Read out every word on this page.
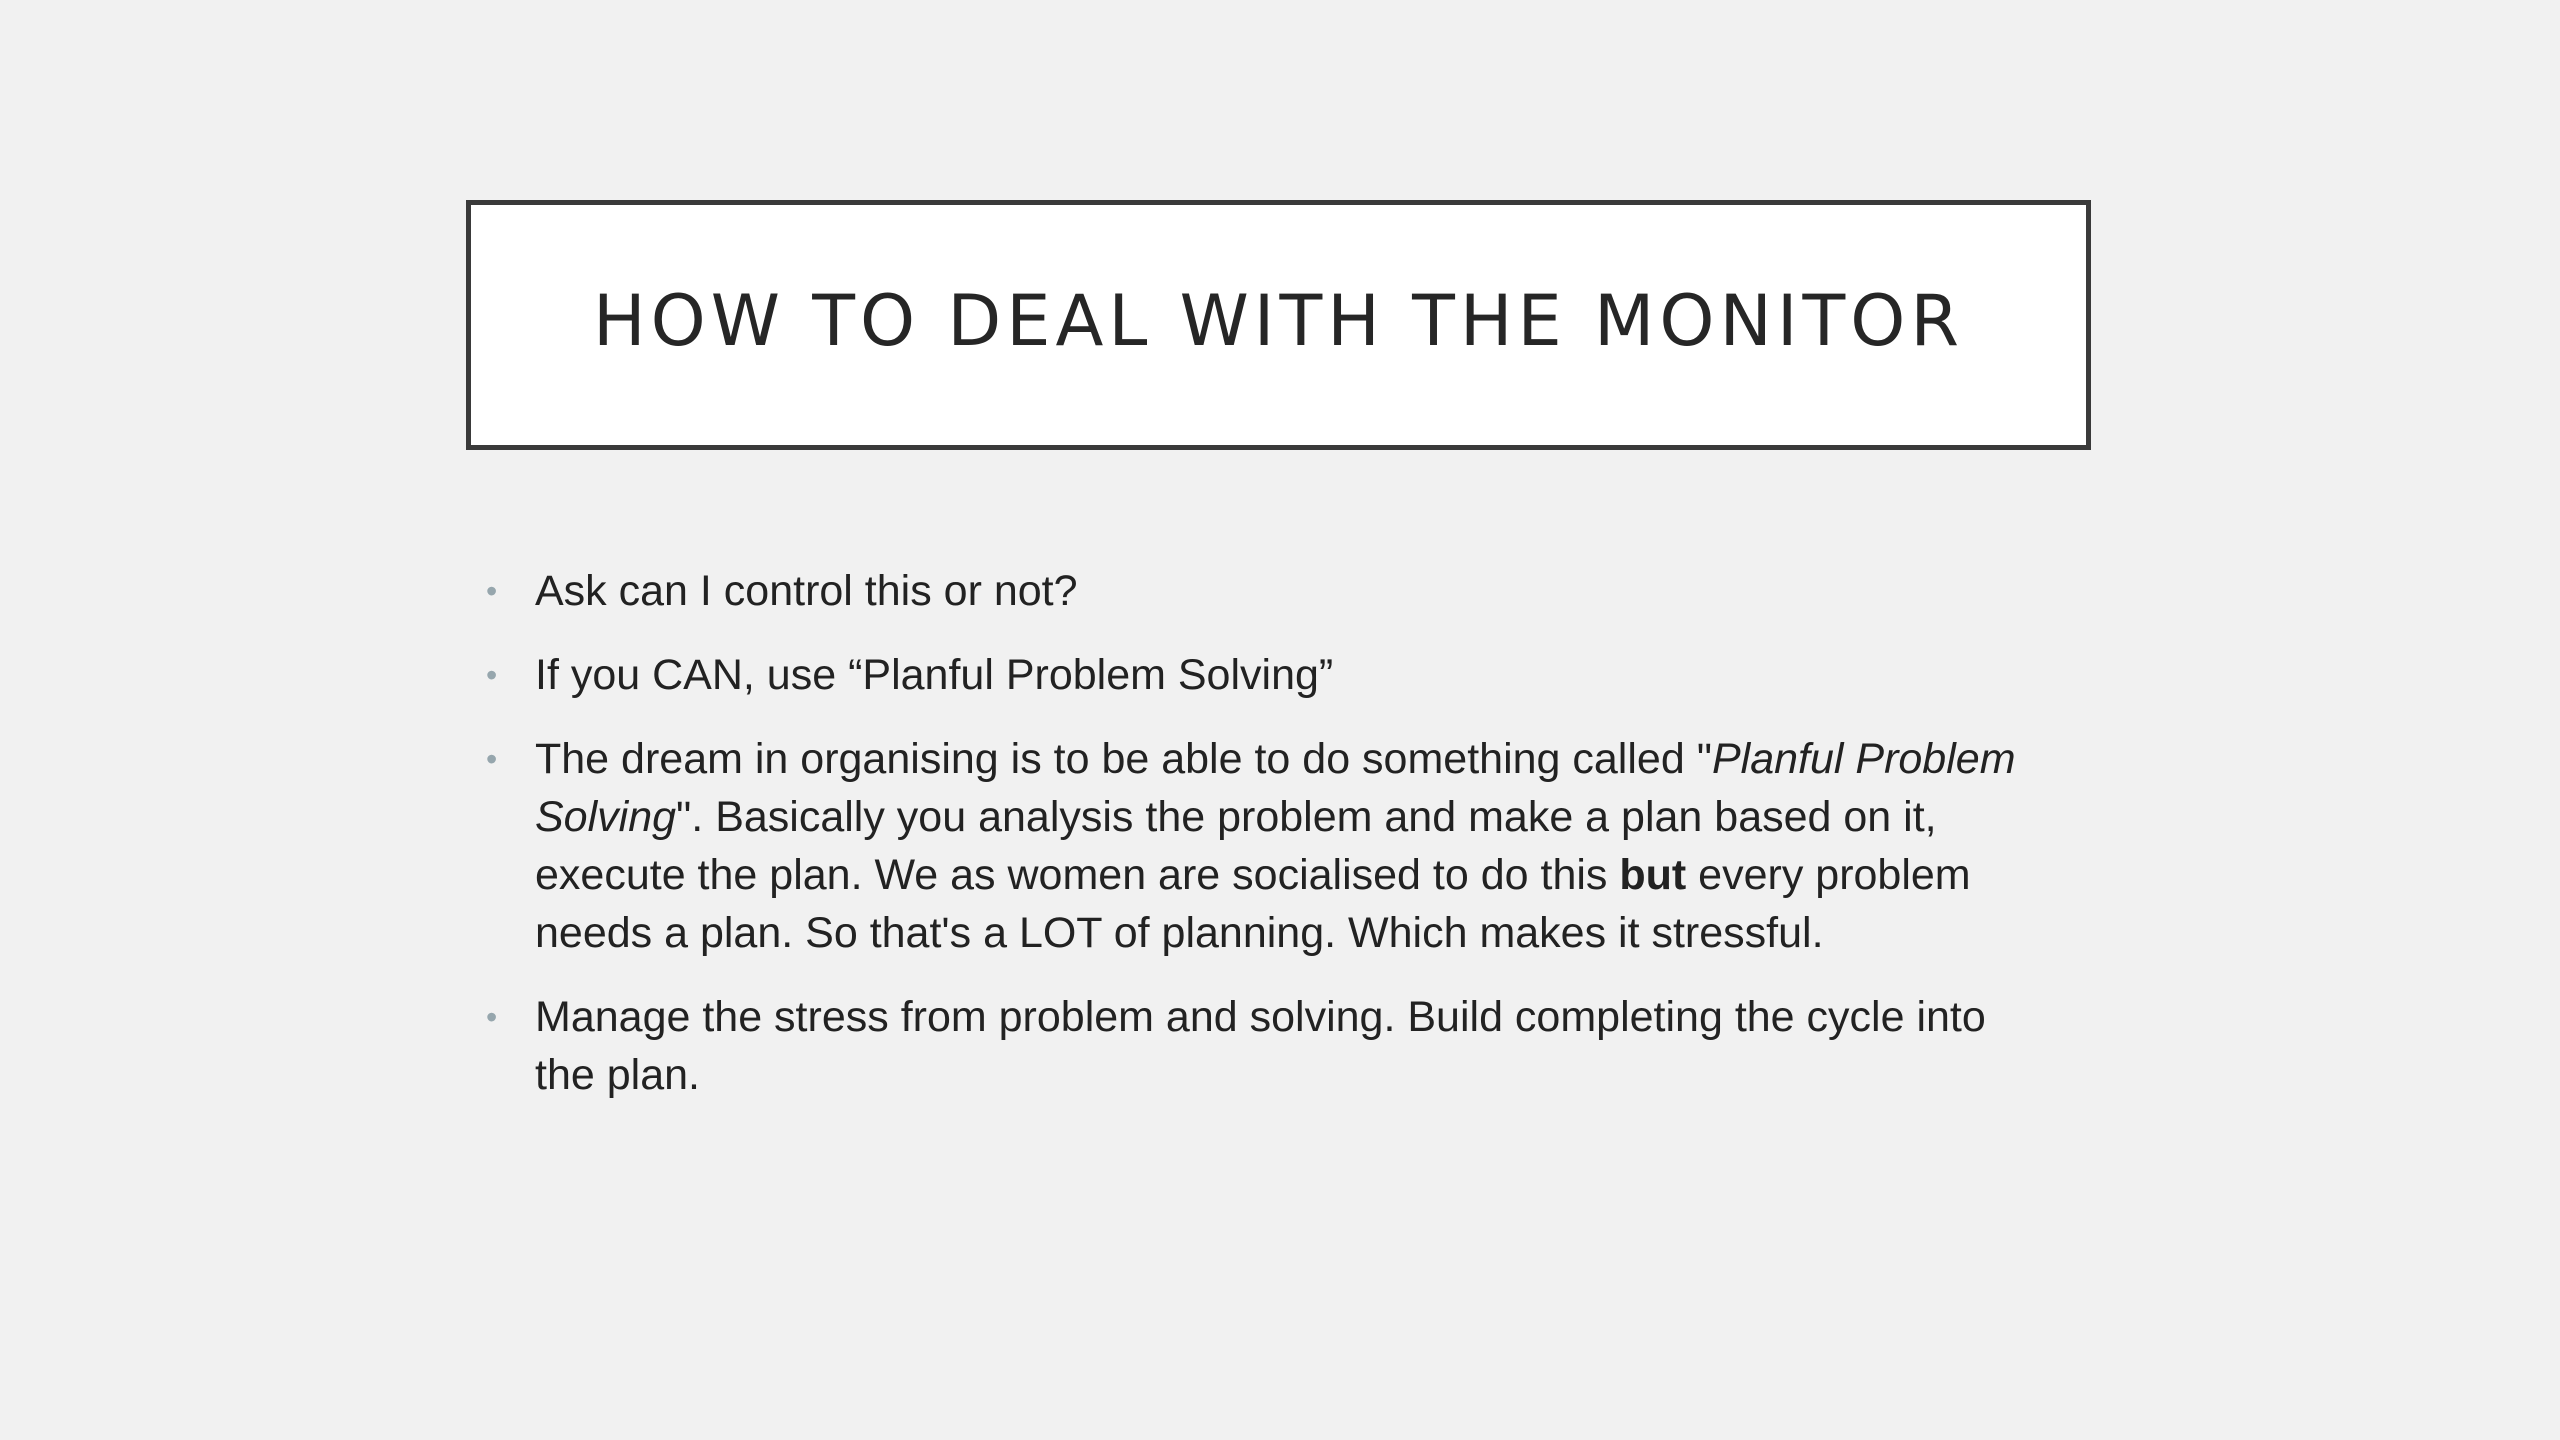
HOW TO DEAL WITH THE MONITOR
• Ask can I control this or not?
• If you CAN, use “Planful Problem Solving”
• The dream in organising is to be able to do something called "Planful Problem Solving". Basically you analysis the problem and make a plan based on it, execute the plan. We as women are socialised to do this but every problem needs a plan. So that's a LOT of planning. Which makes it stressful.
• Manage the stress from problem and solving. Build completing the cycle into the plan.
